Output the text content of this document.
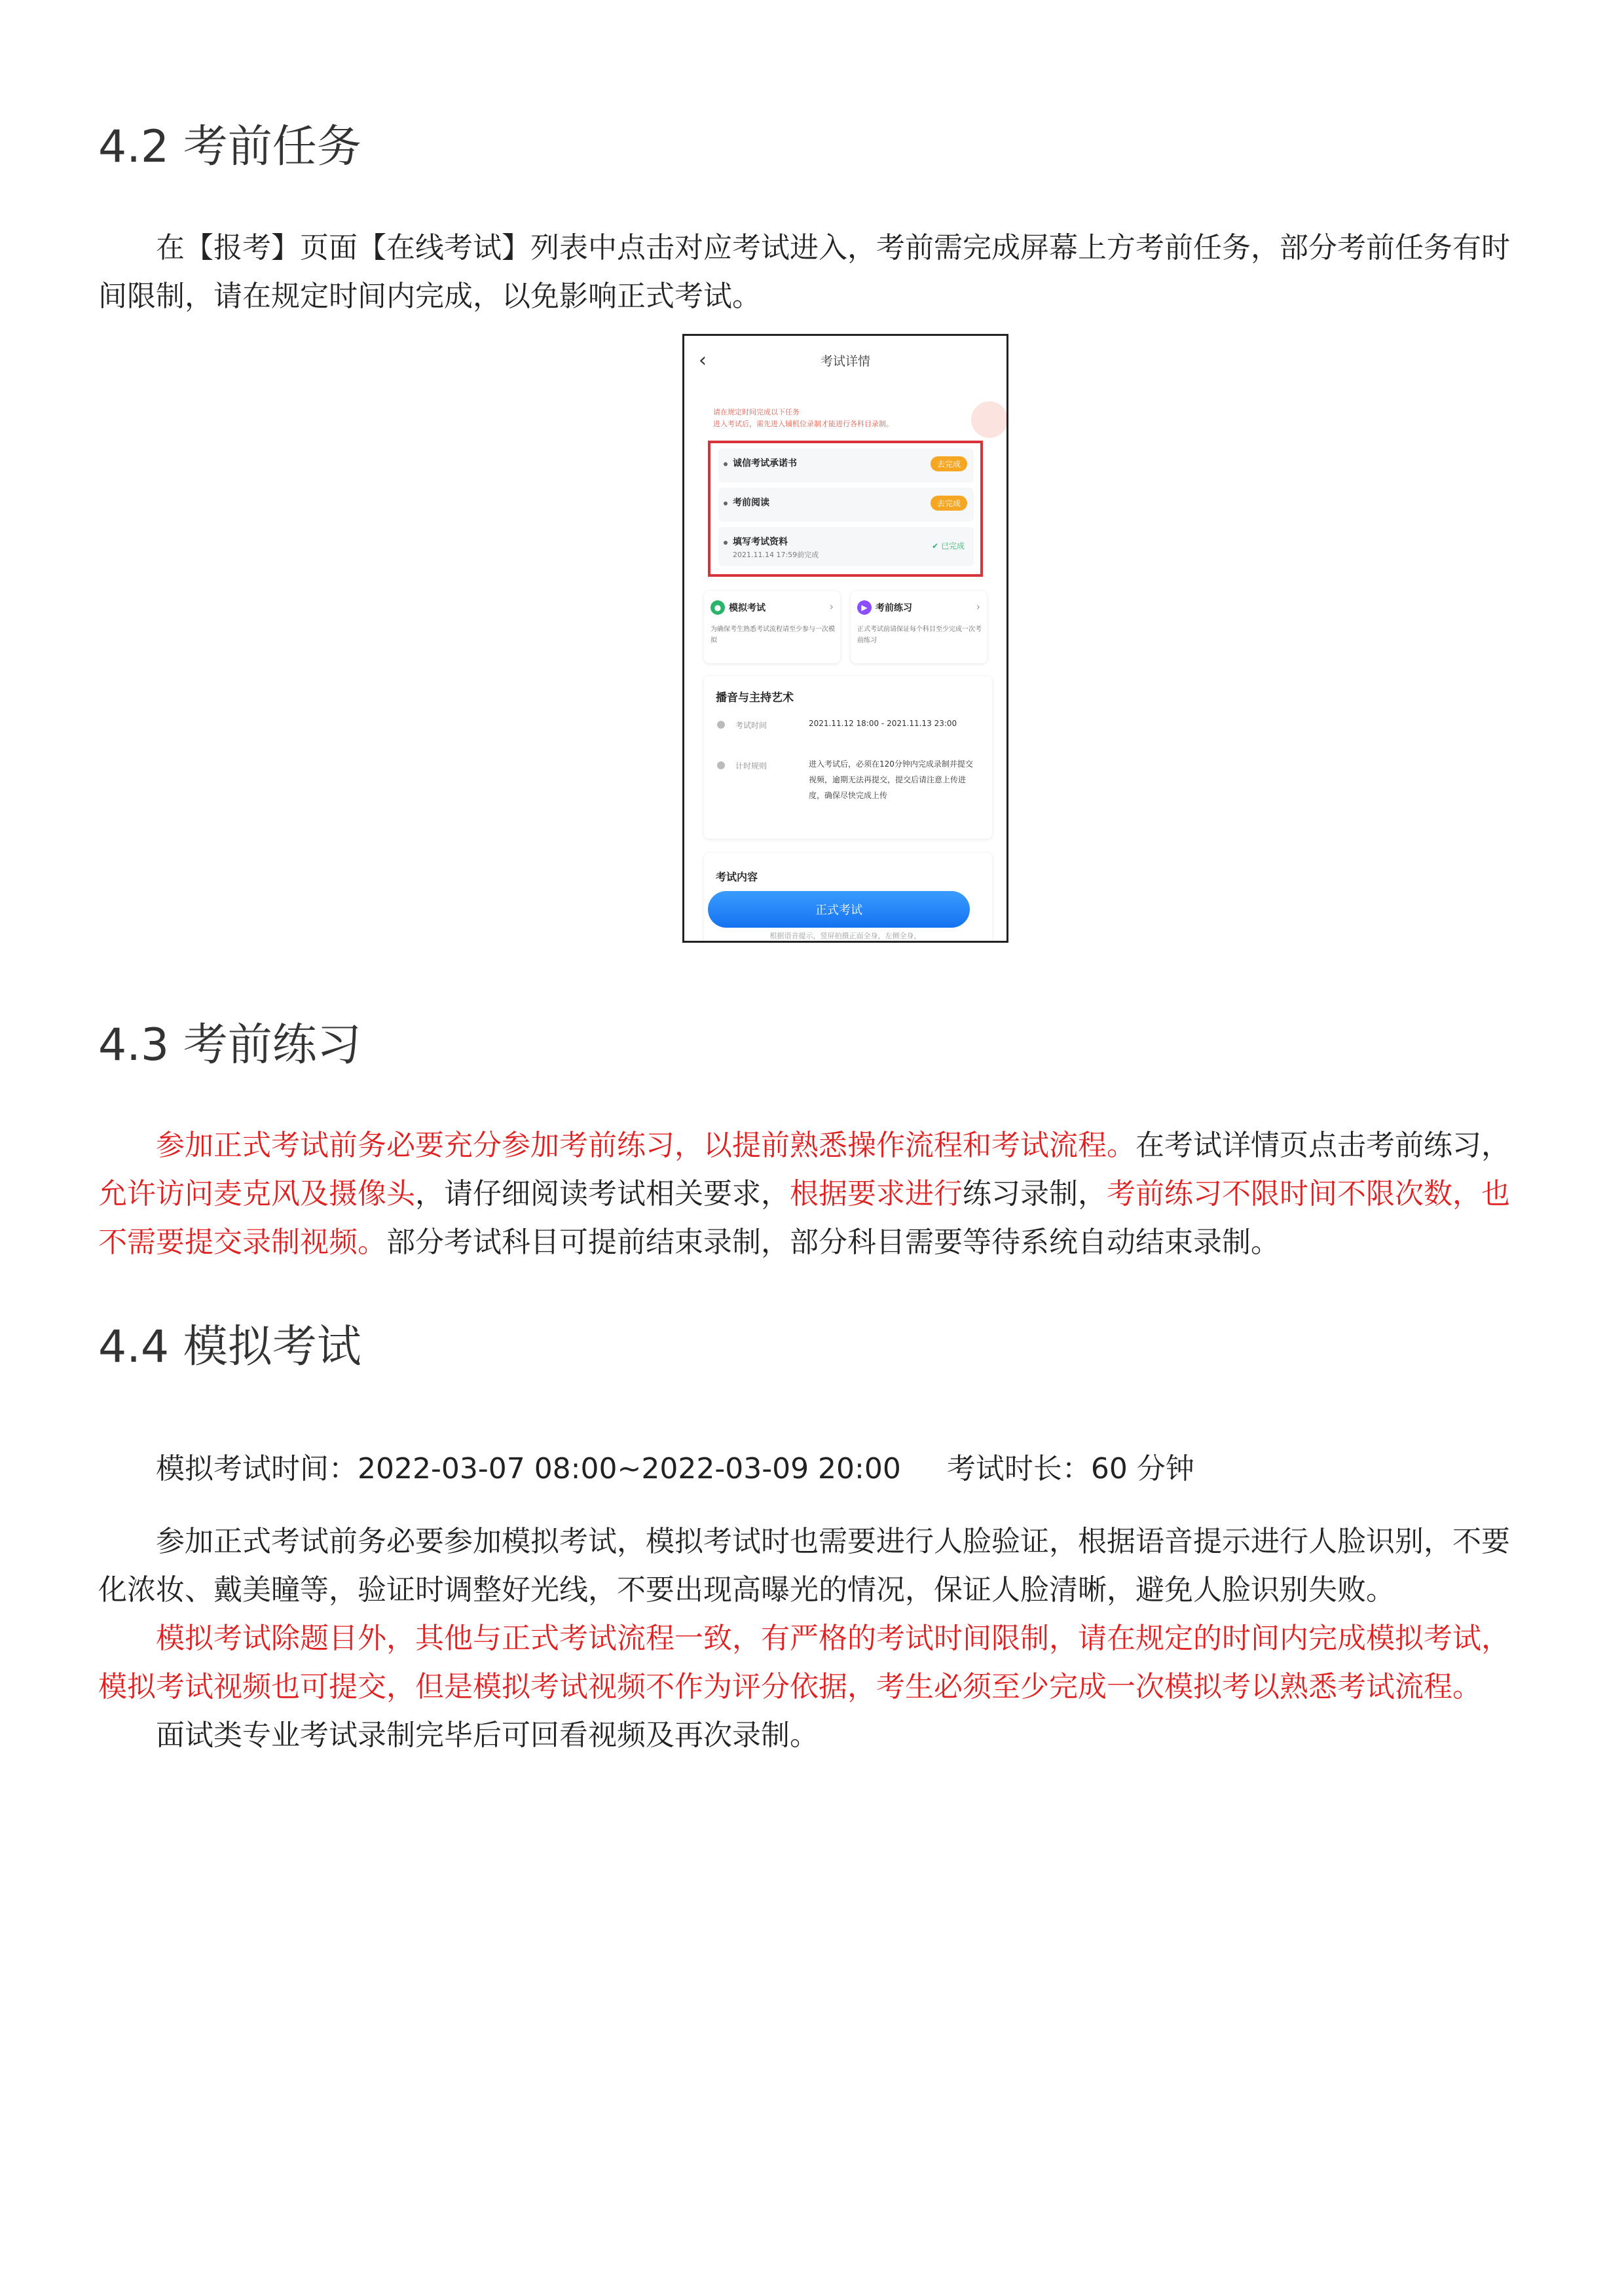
4.2 考前任务

在【报考】页面【在线考试】列表中点击对应考试进入，考前需完成屏幕上方考前任务，部分考前任务有时间限制，请在规定时间内完成，以免影响正式考试。

‹	考试详情
请在规定时间完成以下任务
进入考试后，需先进入辅机位录制才能进行各科目录制。
诚信考试承诺书	去完成
考前阅读	去完成
填写考试资料
2021.11.14 17:59前完成
✔ 已完成
● 模拟考试	›
为确保考生熟悉考试流程请至少参与一次模拟
▶ 考前练习	›
正式考试前请保证每个科目至少完成一次考前练习
播音与主持艺术
考试时间	2021.11.12 18:00 - 2021.11.13 23:00
计时规则	进入考试后，必须在120分钟内完成录制并提交视频，逾期无法再提交，提交后请注意上传进度，确保尽快完成上传
考试内容
正式考试
根据语音提示，竖屏拍摄正面全身，左侧全身，
4.3 考前练习

参加正式考试前务必要充分参加考前练习，以提前熟悉操作流程和考试流程。在考试详情页点击考前练习，允许访问麦克风及摄像头，请仔细阅读考试相关要求，根据要求进行练习录制，考前练习不限时间不限次数，也不需要提交录制视频。部分考试科目可提前结束录制，部分科目需要等待系统自动结束录制。

4.4 模拟考试
模拟考试时间：2022-03-07 08:00~2022-03-09 20:00 考试时长：60 分钟

参加正式考试前务必要参加模拟考试，模拟考试时也需要进行人脸验证，根据语音提示进行人脸识别，不要化浓妆、戴美瞳等，验证时调整好光线，不要出现高曝光的情况，保证人脸清晰，避免人脸识别失败。

模拟考试除题目外，其他与正式考试流程一致，有严格的考试时间限制，请在规定的时间内完成模拟考试，模拟考试视频也可提交，但是模拟考试视频不作为评分依据，考生必须至少完成一次模拟考以熟悉考试流程。

面试类专业考试录制完毕后可回看视频及再次录制。
